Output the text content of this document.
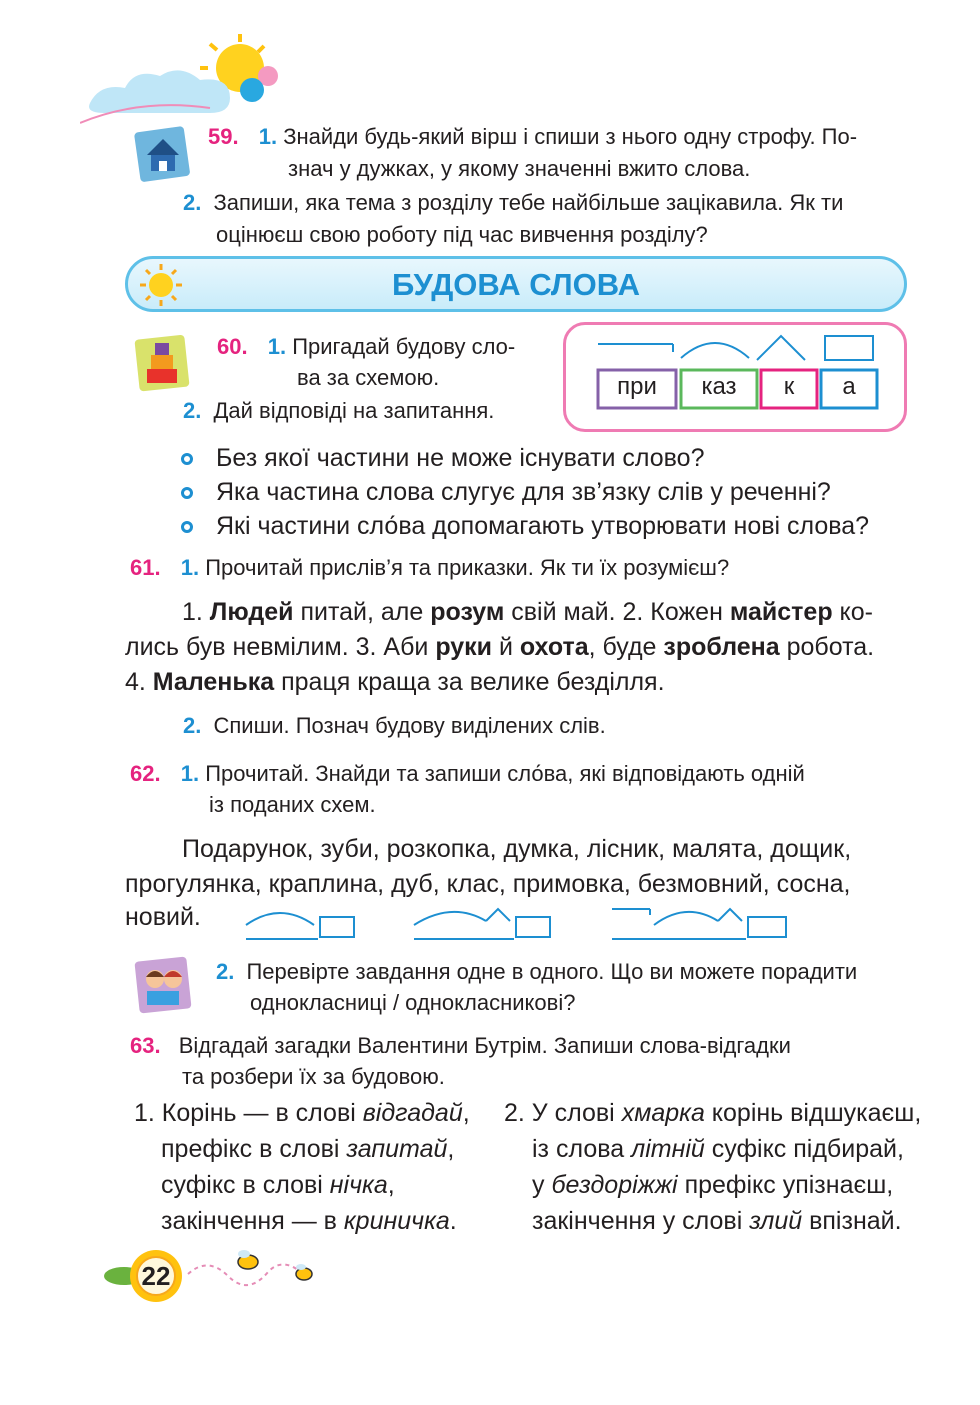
59. 1. Знайди будь-який вірш і спиши з нього одну строфу. По-
знач у дужках, у якому значенні вжито слова.
2. Запиши, яка тема з розділу тебе найбільше зацікавила. Як ти
оцінюєш свою роботу під час вивчення розділу?
БУДОВА СЛОВА
60. 1. Пригадай будову сло-
ва за схемою.
2. Дай відповіді на запитання.
при	каз	к	а
Без якої частини не може існувати слово?
Яка частина слова слугує для зв’язку слів у реченні?
Які частини сло́ва допомагають утворювати нові слова?
61. 1. Прочитай прислів’я та приказки. Як ти їх розумієш?
1. Людей питай, але розум свій май. 2. Кожен майстер ко-
лись був невмілим. 3. Аби руки й охота, буде зроблена робота.
4. Маленька праця краща за велике безділля.
2. Спиши. Познач будову виділених слів.
62. 1. Прочитай. Знайди та запиши сло́ва, які відповідають одній
із поданих схем.
Подарунок, зуби, розкопка, думка, лісник, малята, дощик,
прогулянка, краплина, дуб, клас, примовка, безмовний, сосна,
новий.
2. Перевірте завдання одне в одного. Що ви можете порадити
однокласниці / однокласникові?
63. Відгадай загадки Валентини Бутрім. Запиши слова-відгадки
та розбери їх за будовою.
1. Корінь — в слові відгадай,
префікс в слові запитай,
суфікс в слові нічка,
закінчення — в криничка.
2. У слові хмарка корінь відшукаєш,
із слова літній суфікс підбирай,
у бездоріжжі префікс упізнаєш,
закінчення у слові злий впізнай.
22
